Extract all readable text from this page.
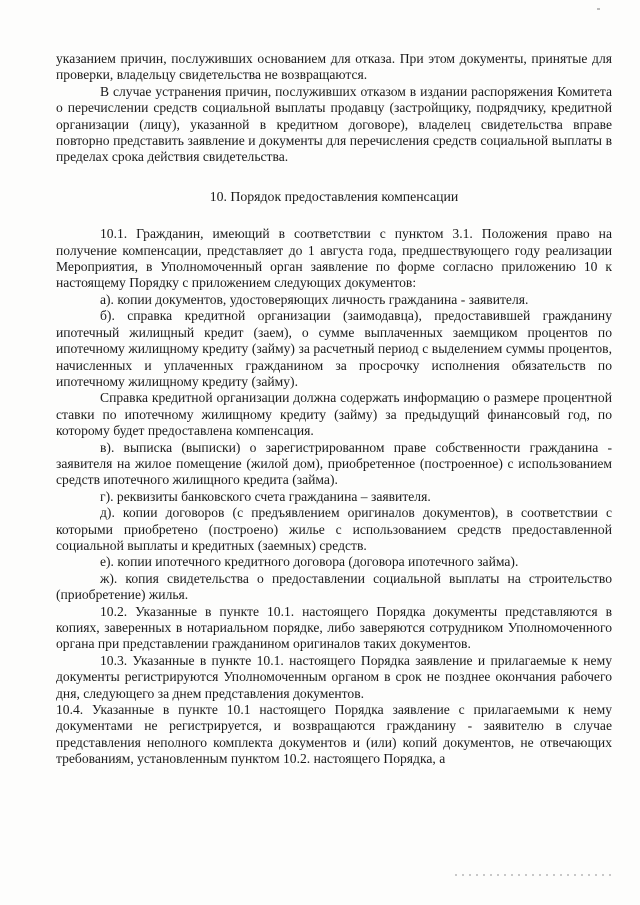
указанием причин, послуживших основанием для отказа. При этом документы, принятые для проверки, владельцу свидетельства не возвращаются.

В случае устранения причин, послуживших отказом в издании распоряжения Комитета о перечислении средств социальной выплаты продавцу (застройщику, подрядчику, кредитной организации (лицу), указанной в кредитном договоре), владелец свидетельства вправе повторно представить заявление и документы для перечисления средств социальной выплаты в пределах срока действия свидетельства.

10. Порядок предоставления компенсации

10.1. Гражданин, имеющий в соответствии с пунктом 3.1. Положения право на получение компенсации, представляет до 1 августа года, предшествующего году реализации Мероприятия, в Уполномоченный орган заявление по форме согласно приложению 10 к настоящему Порядку с приложением следующих документов:

а). копии документов, удостоверяющих личность гражданина - заявителя.

б). справка кредитной организации (заимодавца), предоставившей гражданину ипотечный жилищный кредит (заем), о сумме выплаченных заемщиком процентов по ипотечному жилищному кредиту (займу) за расчетный период с выделением суммы процентов, начисленных и уплаченных гражданином за просрочку исполнения обязательств по ипотечному жилищному кредиту (займу).

Справка кредитной организации должна содержать информацию о размере процентной ставки по ипотечному жилищному кредиту (займу) за предыдущий финансовый год, по которому будет предоставлена компенсация.

в). выписка (выписки) о зарегистрированном праве собственности гражданина - заявителя на жилое помещение (жилой дом), приобретенное (построенное) с использованием средств ипотечного жилищного кредита (займа).

г). реквизиты банковского счета гражданина – заявителя.

д). копии договоров (с предъявлением оригиналов документов), в соответствии с которыми приобретено (построено) жилье с использованием средств предоставленной социальной выплаты и кредитных (заемных) средств.

е). копии ипотечного кредитного договора (договора ипотечного займа).

ж). копия свидетельства о предоставлении социальной выплаты на строительство (приобретение) жилья.

10.2. Указанные в пункте 10.1. настоящего Порядка документы представляются в копиях, заверенных в нотариальном порядке, либо заверяются сотрудником Уполномоченного органа при представлении гражданином оригиналов таких документов.

10.3. Указанные в пункте 10.1. настоящего Порядка заявление и прилагаемые к нему документы регистрируются Уполномоченным органом в срок не позднее окончания рабочего дня, следующего за днем представления документов.

10.4. Указанные в пункте 10.1 настоящего Порядка заявление с прилагаемыми к нему документами не регистрируется, и возвращаются гражданину - заявителю в случае представления неполного комплекта документов и (или) копий документов, не отвечающих требованиям, установленным пунктом 10.2. настоящего Порядка, а
